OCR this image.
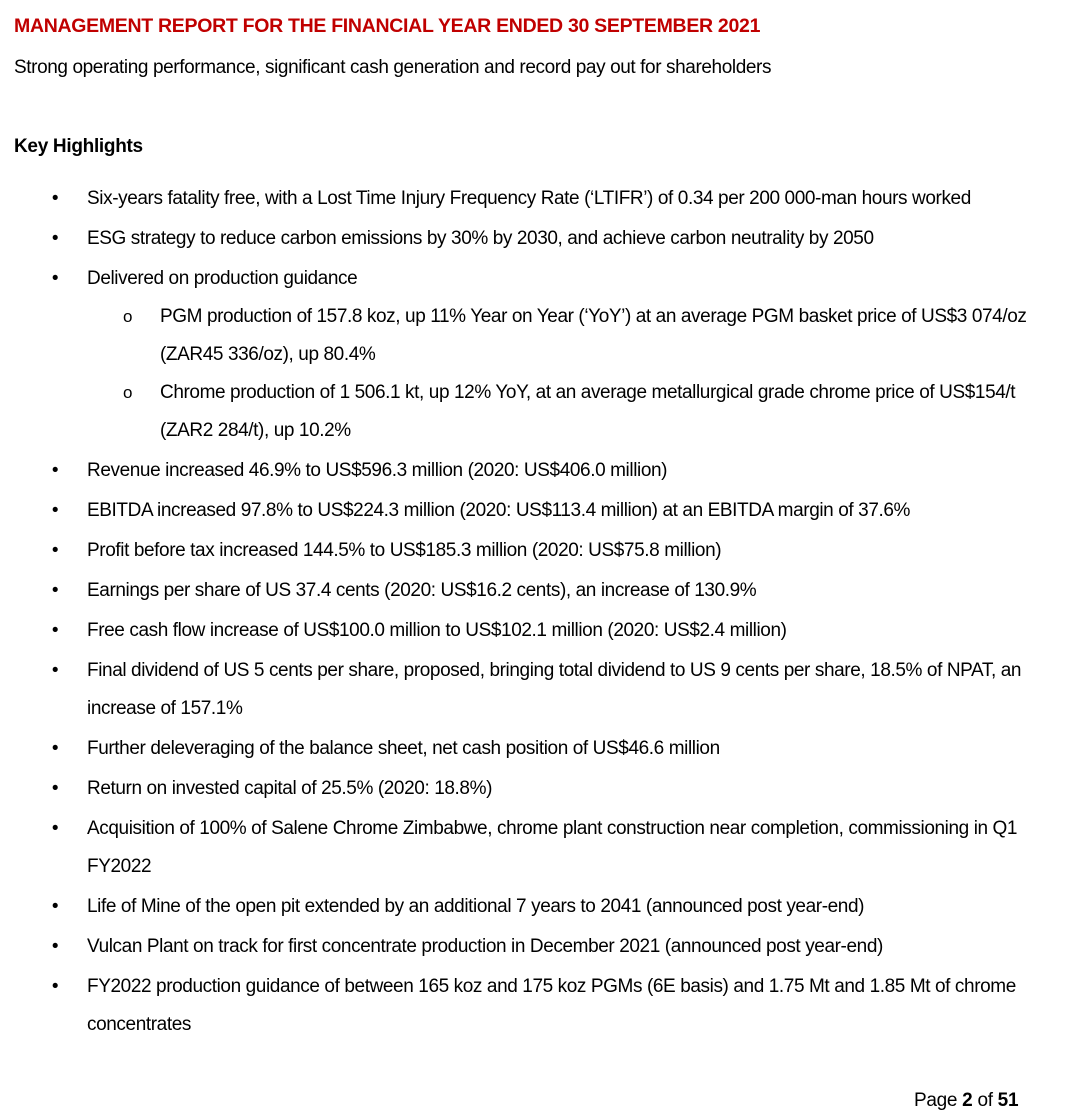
MANAGEMENT REPORT FOR THE FINANCIAL YEAR ENDED 30 SEPTEMBER 2021
Strong operating performance, significant cash generation and record pay out for shareholders
Key Highlights
• Six-years fatality free, with a Lost Time Injury Frequency Rate (‘LTIFR’) of 0.34 per 200 000-man hours worked
• ESG strategy to reduce carbon emissions by 30% by 2030, and achieve carbon neutrality by 2050
• Delivered on production guidance
o PGM production of 157.8 koz, up 11% Year on Year (‘YoY’) at an average PGM basket price of US$3 074/oz (ZAR45 336/oz), up 80.4%
o Chrome production of 1 506.1 kt, up 12% YoY, at an average metallurgical grade chrome price of US$154/t (ZAR2 284/t), up 10.2%
• Revenue increased 46.9% to US$596.3 million (2020: US$406.0 million)
• EBITDA increased 97.8% to US$224.3 million (2020: US$113.4 million) at an EBITDA margin of 37.6%
• Profit before tax increased 144.5% to US$185.3 million (2020: US$75.8 million)
• Earnings per share of US 37.4 cents (2020: US$16.2 cents), an increase of 130.9%
• Free cash flow increase of US$100.0 million to US$102.1 million (2020: US$2.4 million)
• Final dividend of US 5 cents per share, proposed, bringing total dividend to US 9 cents per share, 18.5% of NPAT, an increase of 157.1%
• Further deleveraging of the balance sheet, net cash position of US$46.6 million
• Return on invested capital of 25.5% (2020: 18.8%)
• Acquisition of 100% of Salene Chrome Zimbabwe, chrome plant construction near completion, commissioning in Q1 FY2022
• Life of Mine of the open pit extended by an additional 7 years to 2041 (announced post year-end)
• Vulcan Plant on track for first concentrate production in December 2021 (announced post year-end)
• FY2022 production guidance of between 165 koz and 175 koz PGMs (6E basis) and 1.75 Mt and 1.85 Mt of chrome concentrates
Page 2 of 51
